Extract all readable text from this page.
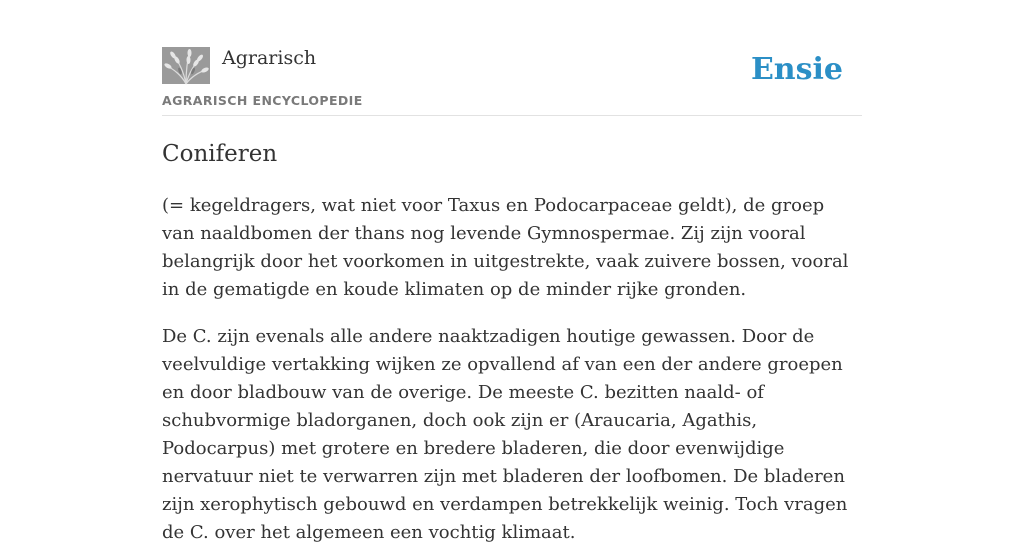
Agrarisch
AGRARISCH ENCYCLOPEDIE
Ensie
Coniferen

(= kegeldragers, wat niet voor Taxus en Podocarpaceae geldt), de groep van naaldbomen der thans nog levende Gymnospermae. Zij zijn vooral belangrijk door het voorkomen in uitgestrekte, vaak zuivere bossen, vooral in de gematigde en koude klimaten op de minder rijke gronden.

De C. zijn evenals alle andere naaktzadigen houtige gewassen. Door de veelvuldige vertakking wijken ze opvallend af van een der andere groepen en door bladbouw van de overige. De meeste C. bezitten naald- of schubvormige bladorganen, doch ook zijn er (Araucaria, Agathis, Podocarpus) met grotere en bredere bladeren, die door evenwijdige nervatuur niet te verwarren zijn met bladeren der loofbomen. De bladeren zijn xerophytisch gebouwd en verdampen betrekkelijk weinig. Toch vragen de C. over het algemeen een vochtig klimaat.
